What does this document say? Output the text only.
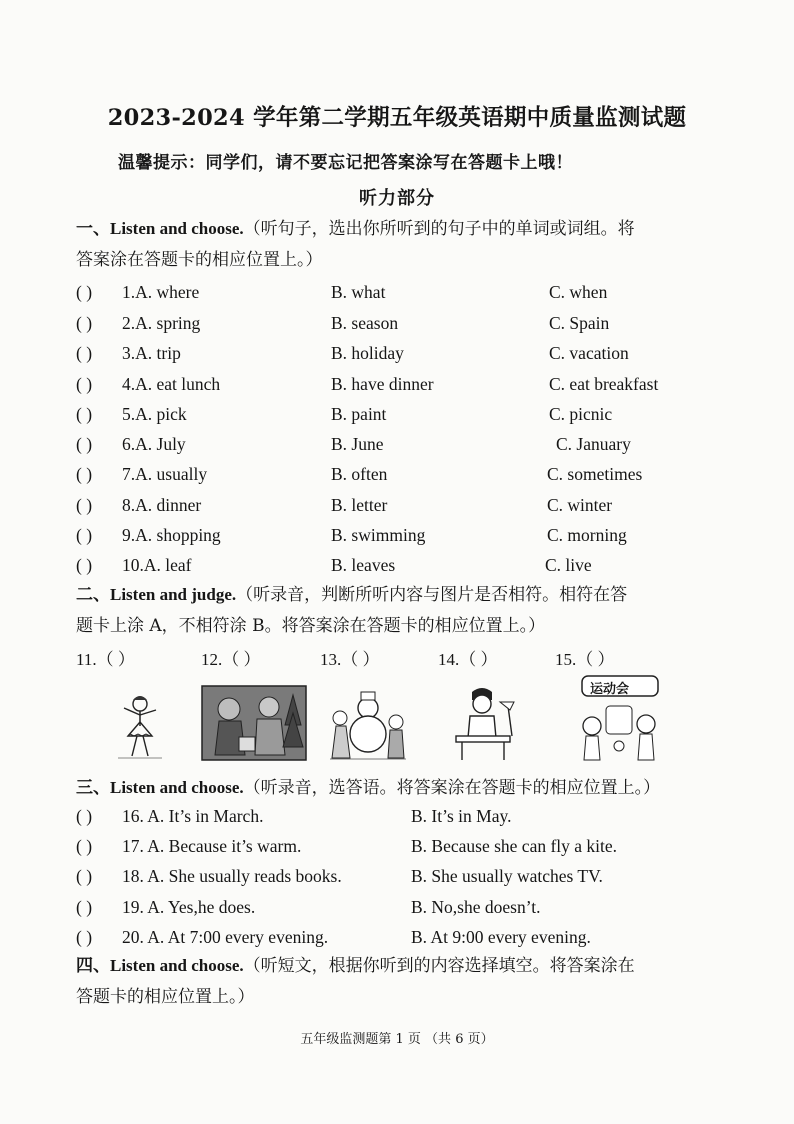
2023-2024 学年第二学期五年级英语期中质量监测试题
温馨提示：同学们，请不要忘记把答案涂写在答题卡上哦！
听力部分
一、Listen and choose.（听句子，选出你所听到的句子中的单词或词组。将
答案涂在答题卡的相应位置上。）
( ) 1.A. where	B. what	C. when
( ) 2.A. spring	B. season	C. Spain
( ) 3.A. trip	B. holiday	C. vacation
( ) 4.A. eat lunch	B. have dinner	C. eat breakfast
( ) 5.A. pick	B. paint	C. picnic
( ) 6.A. July	B. June	C. January
( ) 7.A. usually	B. often	C. sometimes
( ) 8.A. dinner	B. letter	C. winter
( ) 9.A. shopping	B. swimming	C. morning
( ) 10.A. leaf	B. leaves	C. live
二、Listen and judge.（听录音，判断所听内容与图片是否相符。相符在答
题卡上涂 A，不相符涂 B。将答案涂在答题卡的相应位置上。）
11.（ ）	12.（ ）	13.（ ）	14.（ ）	15.（ ）
运动会
三、Listen and choose.（听录音，选答语。将答案涂在答题卡的相应位置上。）
( ) 16. A. It’s in March.	B. It’s in May.
( ) 17. A. Because it’s warm.	B. Because she can fly a kite.
( ) 18. A. She usually reads books.	B. She usually watches TV.
( ) 19. A. Yes,he does.	B. No,she doesn’t.
( ) 20. A. At 7:00 every evening.	B. At 9:00 every evening.
四、Listen and choose.（听短文，根据你听到的内容选择填空。将答案涂在
答题卡的相应位置上。）
五年级监测题第 1 页 （共 6 页）
